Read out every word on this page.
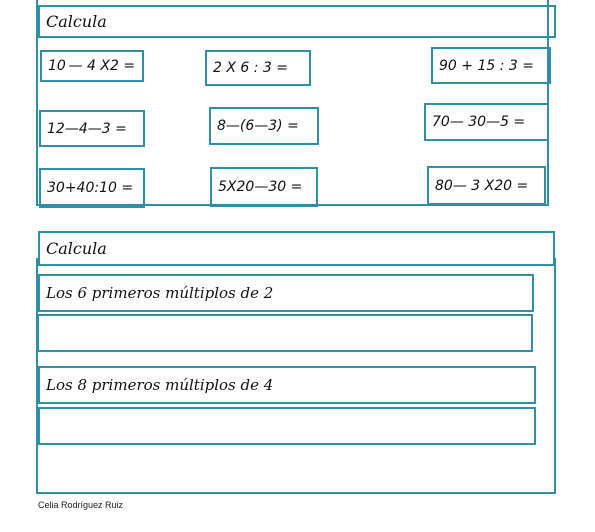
Calcula
10 — 4 X2 =	2 X 6 : 3 =	90 + 15 : 3 =
12—4—3 =	8—(6—3) =	70— 30—5 =
30+40:10 =	5X20—30 =	80— 3 X20 =
Calcula
Los 6 primeros múltiplos de 2
Los 8 primeros múltiplos de 4
Celia Rodríguez Ruiz
